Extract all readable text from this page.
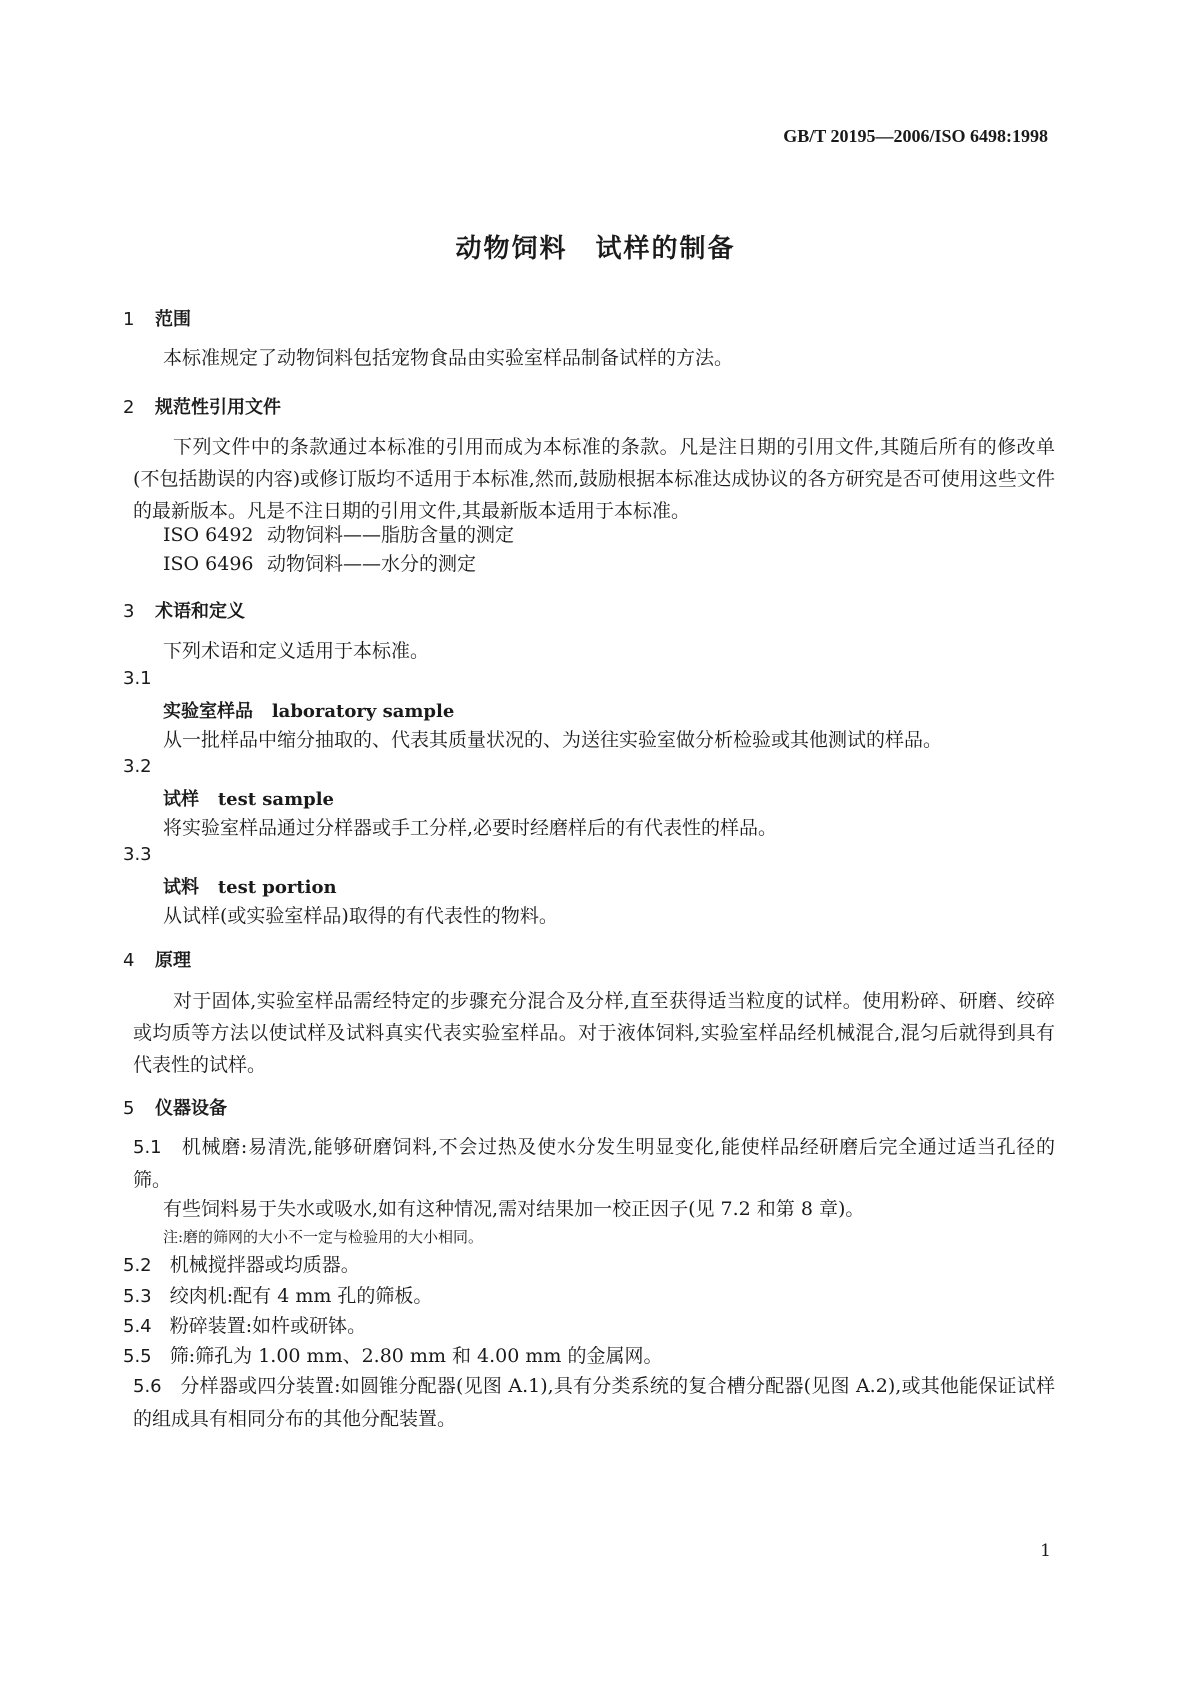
GB/T 20195—2006/ISO 6498:1998
动物饲料　试样的制备
1 范围
本标准规定了动物饲料包括宠物食品由实验室样品制备试样的方法。
2 规范性引用文件
下列文件中的条款通过本标准的引用而成为本标准的条款。凡是注日期的引用文件,其随后所有的修改单(不包括勘误的内容)或修订版均不适用于本标准,然而,鼓励根据本标准达成协议的各方研究是否可使用这些文件的最新版本。凡是不注日期的引用文件,其最新版本适用于本标准。
ISO 6492 动物饲料——脂肪含量的测定
ISO 6496 动物饲料——水分的测定
3 术语和定义
下列术语和定义适用于本标准。
3.1
实验室样品 laboratory sample
从一批样品中缩分抽取的、代表其质量状况的、为送往实验室做分析检验或其他测试的样品。
3.2
试样 test sample
将实验室样品通过分样器或手工分样,必要时经磨样后的有代表性的样品。
3.3
试料 test portion
从试样(或实验室样品)取得的有代表性的物料。
4 原理
对于固体,实验室样品需经特定的步骤充分混合及分样,直至获得适当粒度的试样。使用粉碎、研磨、绞碎或均质等方法以使试样及试料真实代表实验室样品。对于液体饲料,实验室样品经机械混合,混匀后就得到具有代表性的试样。
5 仪器设备
5.1 机械磨:易清洗,能够研磨饲料,不会过热及使水分发生明显变化,能使样品经研磨后完全通过适当孔径的筛。
有些饲料易于失水或吸水,如有这种情况,需对结果加一校正因子(见 7.2 和第 8 章)。
注:磨的筛网的大小不一定与检验用的大小相同。
5.2 机械搅拌器或均质器。
5.3 绞肉机:配有 4 mm 孔的筛板。
5.4 粉碎装置:如杵或研钵。
5.5 筛:筛孔为 1.00 mm、2.80 mm 和 4.00 mm 的金属网。
5.6 分样器或四分装置:如圆锥分配器(见图 A.1),具有分类系统的复合槽分配器(见图 A.2),或其他能保证试样的组成具有相同分布的其他分配装置。
1
